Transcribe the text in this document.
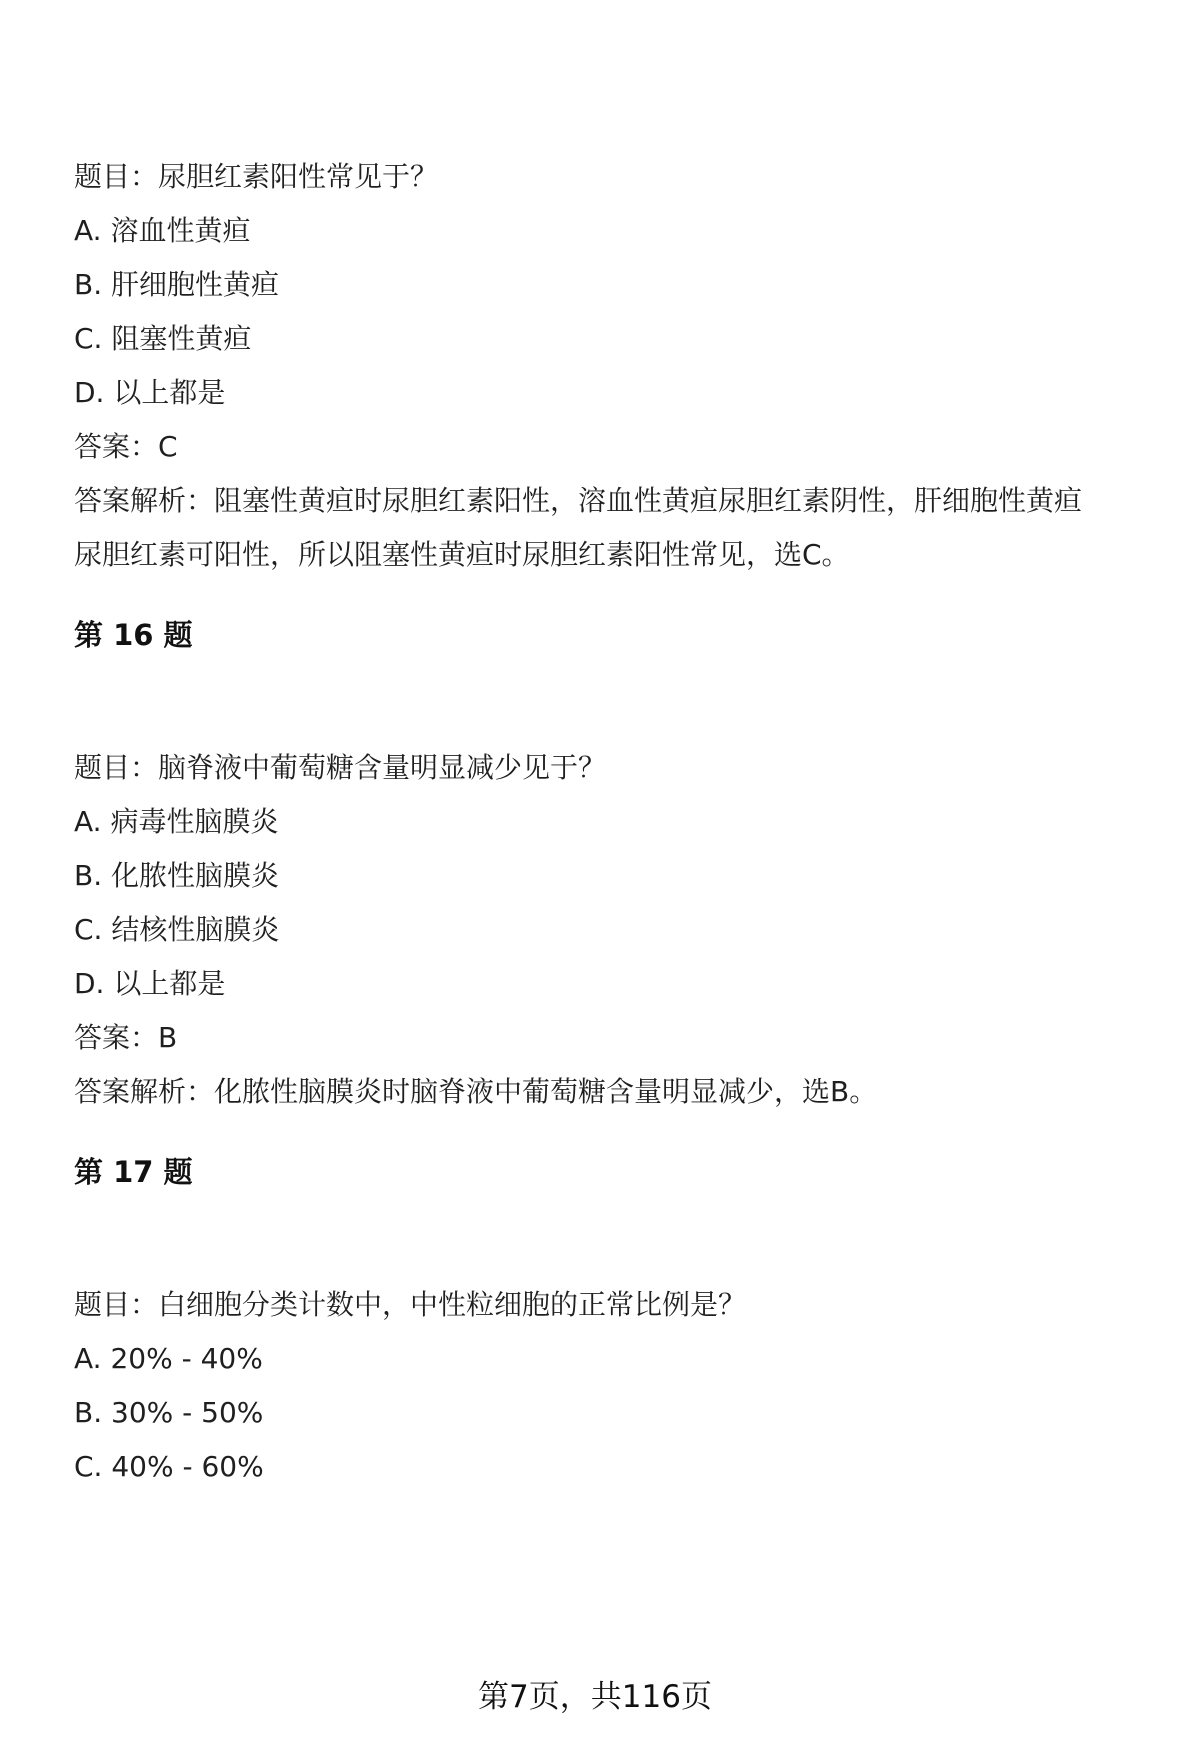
题目：尿胆红素阳性常见于？
A. 溶血性黄疸
B. 肝细胞性黄疸
C. 阻塞性黄疸
D. 以上都是
答案：C
答案解析：阻塞性黄疸时尿胆红素阳性，溶血性黄疸尿胆红素阴性，肝细胞性黄疸
尿胆红素可阳性，所以阻塞性黄疸时尿胆红素阳性常见，选C。
第 16 题
题目：脑脊液中葡萄糖含量明显减少见于？
A. 病毒性脑膜炎
B. 化脓性脑膜炎
C. 结核性脑膜炎
D. 以上都是
答案：B
答案解析：化脓性脑膜炎时脑脊液中葡萄糖含量明显减少，选B。
第 17 题
题目：白细胞分类计数中，中性粒细胞的正常比例是？
A. 20% - 40%
B. 30% - 50%
C. 40% - 60%
第7页，共116页
